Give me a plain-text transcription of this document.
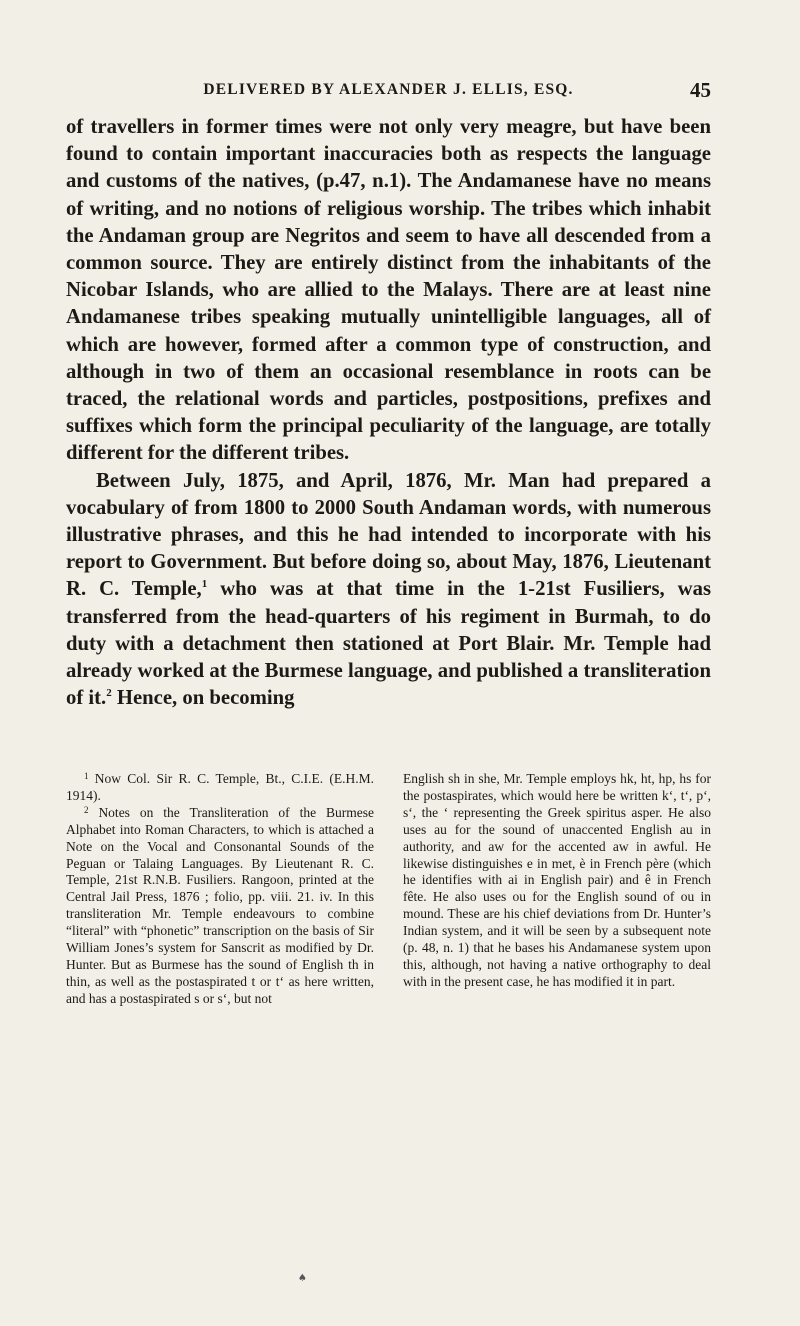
DELIVERED BY ALEXANDER J. ELLIS, ESQ.	45

of travellers in former times were not only very meagre, but have been found to contain important inaccuracies both as respects the language and customs of the natives, (p.47, n.1). The Andamanese have no means of writing, and no notions of religious worship. The tribes which inhabit the Andaman group are Negritos and seem to have all descended from a common source. They are entirely distinct from the inhabitants of the Nicobar Islands, who are allied to the Malays. There are at least nine Andamanese tribes speaking mutually unintelligible languages, all of which are however, formed after a common type of construction, and although in two of them an occasional resemblance in roots can be traced, the relational words and particles, postpositions, prefixes and suffixes which form the principal peculiarity of the language, are totally different for the different tribes.

Between July, 1875, and April, 1876, Mr. Man had prepared a vocabulary of from 1800 to 2000 South Andaman words, with numerous illustrative phrases, and this he had intended to incorporate with his report to Government. But before doing so, about May, 1876, Lieutenant R. C. Temple,$^1$ who was at that time in the 1-21st Fusiliers, was transferred from the head-quarters of his regiment in Burmah, to do duty with a detachment then stationed at Port Blair. Mr. Temple had already worked at the Burmese language, and published a transliteration of it.$^2$ Hence, on becoming

$^1$ Now Col. Sir R. C. Temple, Bt., C.I.E. (E.H.M. 1914).

$^2$ Notes on the Transliteration of the Burmese Alphabet into Roman Characters, to which is attached a Note on the Vocal and Consonantal Sounds of the Peguan or Talaing Languages. By Lieutenant R. C. Temple, 21st R.N.B. Fusiliers. Rangoon, printed at the Central Jail Press, 1876 ; folio, pp. viii. 21. iv. In this transliteration Mr. Temple endeavours to combine “literal” with “phonetic” transcription on the basis of Sir William Jones’s system for Sanscrit as modified by Dr. Hunter. But as Burmese has the sound of English th in thin, as well as the postaspirated t or t‘ as here written, and has a postaspirated s or s‘, but not

English sh in she, Mr. Temple employs hk, ht, hp, hs for the postaspirates, which would here be written k‘, t‘, p‘, s‘, the ‘ representing the Greek spiritus asper. He also uses au for the sound of unaccented English au in authority, and aw for the accented aw in awful. He likewise distinguishes e in met, è in French père (which he identifies with ai in English pair) and ê in French fête. He also uses ou for the English sound of ou in mound. These are his chief deviations from Dr. Hunter’s Indian system, and it will be seen by a subsequent note (p. 48, n. 1) that he bases his Andamanese system upon this, although, not having a native orthography to deal with in the present case, he has modified it in part.

♠
